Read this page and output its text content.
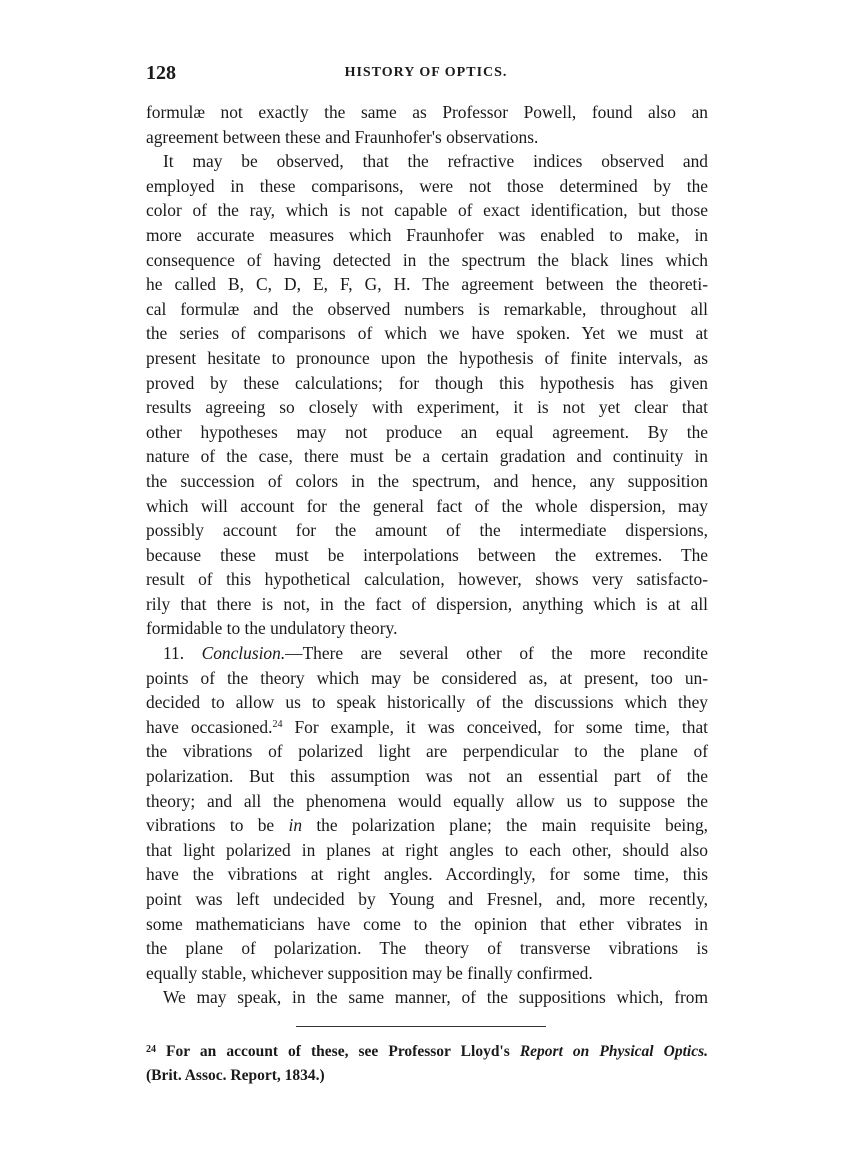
128	HISTORY OF OPTICS.
formulæ not exactly the same as Professor Powell, found also an
agreement between these and Fraunhofer's observations.
It may be observed, that the refractive indices observed and
employed in these comparisons, were not those determined by the
color of the ray, which is not capable of exact identification, but those
more accurate measures which Fraunhofer was enabled to make, in
consequence of having detected in the spectrum the black lines which
he called B, C, D, E, F, G, H. The agreement between the theoreti-
cal formulæ and the observed numbers is remarkable, throughout all
the series of comparisons of which we have spoken. Yet we must at
present hesitate to pronounce upon the hypothesis of finite intervals, as
proved by these calculations; for though this hypothesis has given
results agreeing so closely with experiment, it is not yet clear that
other hypotheses may not produce an equal agreement. By the
nature of the case, there must be a certain gradation and continuity in
the succession of colors in the spectrum, and hence, any supposition
which will account for the general fact of the whole dispersion, may
possibly account for the amount of the intermediate dispersions,
because these must be interpolations between the extremes. The
result of this hypothetical calculation, however, shows very satisfacto-
rily that there is not, in the fact of dispersion, anything which is at all
formidable to the undulatory theory.
11. Conclusion.—There are several other of the more recondite
points of the theory which may be considered as, at present, too un-
decided to allow us to speak historically of the discussions which they
have occasioned.$^{24}$ For example, it was conceived, for some time, that
the vibrations of polarized light are perpendicular to the plane of
polarization. But this assumption was not an essential part of the
theory; and all the phenomena would equally allow us to suppose the
vibrations to be in the polarization plane; the main requisite being,
that light polarized in planes at right angles to each other, should also
have the vibrations at right angles. Accordingly, for some time, this
point was left undecided by Young and Fresnel, and, more recently,
some mathematicians have come to the opinion that ether vibrates in
the plane of polarization. The theory of transverse vibrations is
equally stable, whichever supposition may be finally confirmed.
We may speak, in the same manner, of the suppositions which, from
$^{24}$ For an account of these, see Professor Lloyd's Report on Physical Optics.
(Brit. Assoc. Report, 1834.)
